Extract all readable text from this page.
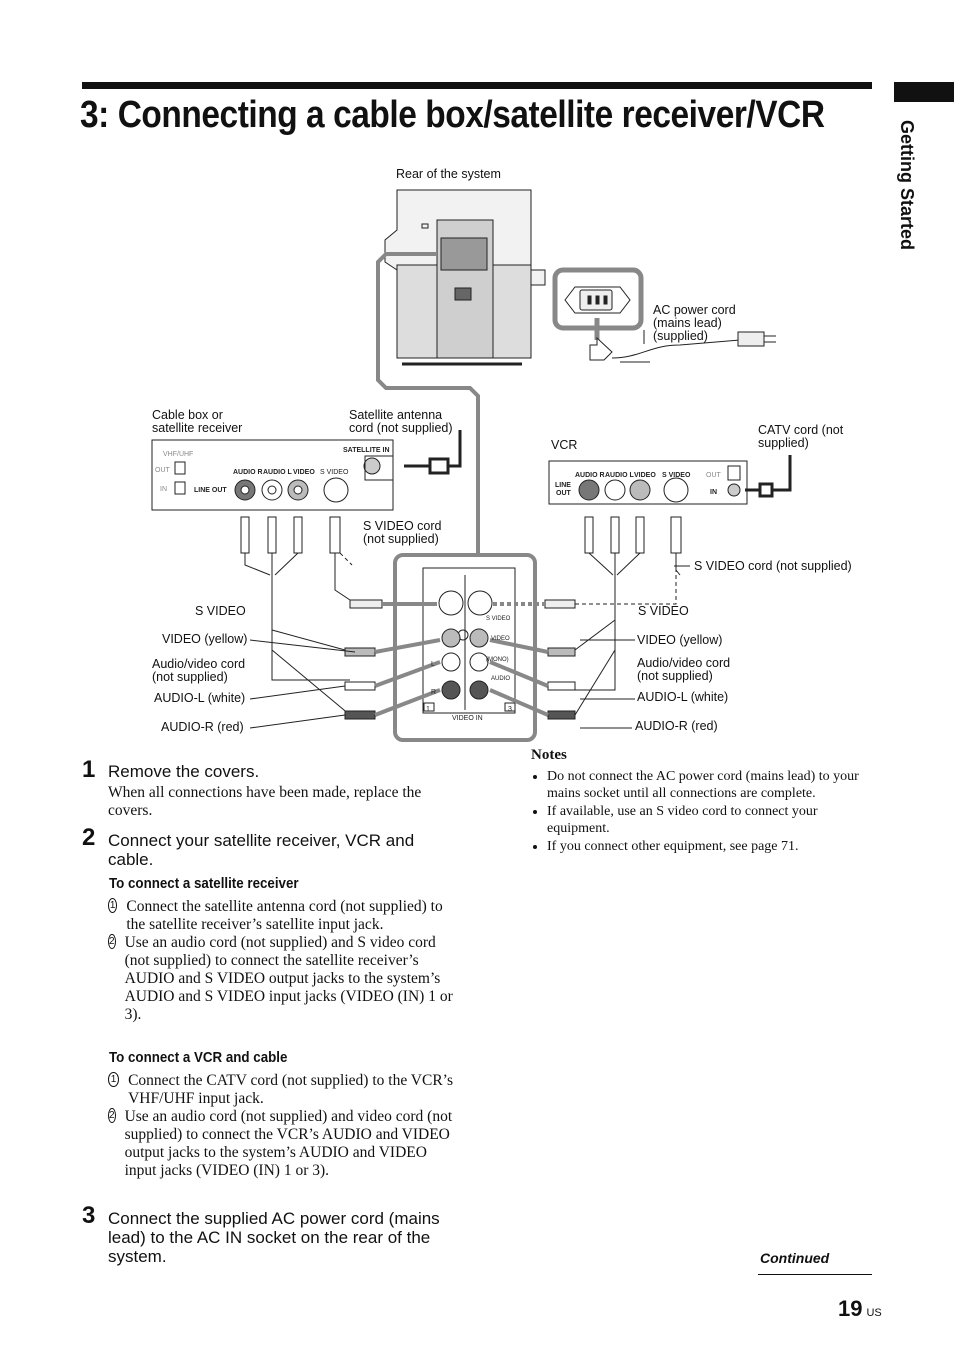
3: Connecting a cable box/satellite receiver/VCR
Getting Started
VHF/UHF
OUT
IN	LINE OUT
AUDIO R AUDIO L VIDEO S VIDEO
SATELLITE IN
LINE
OUT
AUDIO R AUDIO L VIDEO S VIDEO OUT
IN
S VIDEO
VIDEO
(MONO)
AUDIO
L
R
1	3
VIDEO IN
Rear of the system
AC power cord
(mains lead)
(supplied)
Cable box or
satellite receiver
Satellite antenna
cord (not supplied)
VCR
CATV cord (not
supplied)
S VIDEO cord
(not supplied)
S VIDEO cord (not supplied)
S VIDEO
VIDEO (yellow)
Audio/video cord
(not supplied)
AUDIO-L (white)
AUDIO-R (red)
S VIDEO
VIDEO (yellow)
Audio/video cord
(not supplied)
AUDIO-L (white)
AUDIO-R (red)
1 Remove the covers.
When all connections have been made, replace the covers.
2 Connect your satellite receiver, VCR and cable.
To connect a satellite receiver
1 Connect the satellite antenna cord (not supplied) to the satellite receiver’s satellite input jack.
2 Use an audio cord (not supplied) and S video cord (not supplied) to connect the satellite receiver’s AUDIO and S VIDEO output jacks to the system’s AUDIO and S VIDEO input jacks (VIDEO (IN) 1 or 3).
To connect a VCR and cable
1 Connect the CATV cord (not supplied) to the VCR’s VHF/UHF input jack.
2 Use an audio cord (not supplied) and video cord (not supplied) to connect the VCR’s AUDIO and VIDEO output jacks to the system’s AUDIO and VIDEO input jacks (VIDEO (IN) 1 or 3).
3 Connect the supplied AC power cord (mains lead) to the AC IN socket on the rear of the system.
Notes
• Do not connect the AC power cord (mains lead) to your mains socket until all connections are complete.
• If available, use an S video cord to connect your equipment.
• If you connect other equipment, see page 71.
Continued
19 US
